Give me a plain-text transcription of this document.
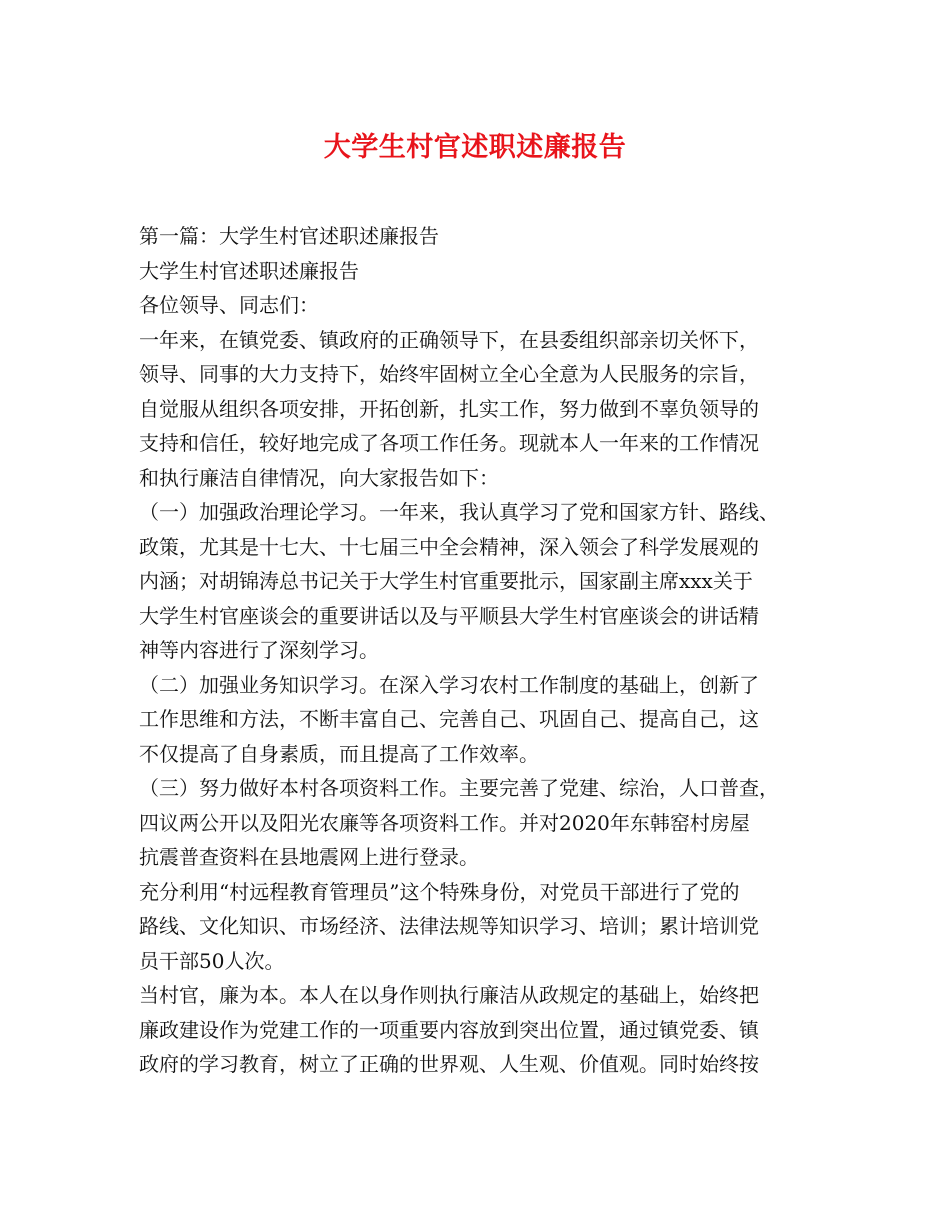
大学生村官述职述廉报告
第一篇：大学生村官述职述廉报告
大学生村官述职述廉报告
各位领导、同志们：
一年来，在镇党委、镇政府的正确领导下，在县委组织部亲切关怀下，
领导、同事的大力支持下，始终牢固树立全心全意为人民服务的宗旨，
自觉服从组织各项安排，开拓创新，扎实工作，努力做到不辜负领导的
支持和信任，较好地完成了各项工作任务。现就本人一年来的工作情况
和执行廉洁自律情况，向大家报告如下：
（一）加强政治理论学习。一年来，我认真学习了党和国家方针、路线、
政策，尤其是十七大、十七届三中全会精神，深入领会了科学发展观的
内涵；对胡锦涛总书记关于大学生村官重要批示，国家副主席xxx关于
大学生村官座谈会的重要讲话以及与平顺县大学生村官座谈会的讲话精
神等内容进行了深刻学习。
（二）加强业务知识学习。在深入学习农村工作制度的基础上，创新了
工作思维和方法，不断丰富自己、完善自己、巩固自己、提高自己，这
不仅提高了自身素质，而且提高了工作效率。
（三）努力做好本村各项资料工作。主要完善了党建、综治，人口普查，
四议两公开以及阳光农廉等各项资料工作。并对2020年东韩窑村房屋
抗震普查资料在县地震网上进行登录。
充分利用“村远程教育管理员”这个特殊身份，对党员干部进行了党的
路线、文化知识、市场经济、法律法规等知识学习、培训；累计培训党
员干部50人次。
当村官，廉为本。本人在以身作则执行廉洁从政规定的基础上，始终把
廉政建设作为党建工作的一项重要内容放到突出位置，通过镇党委、镇
政府的学习教育，树立了正确的世界观、人生观、价值观。同时始终按
